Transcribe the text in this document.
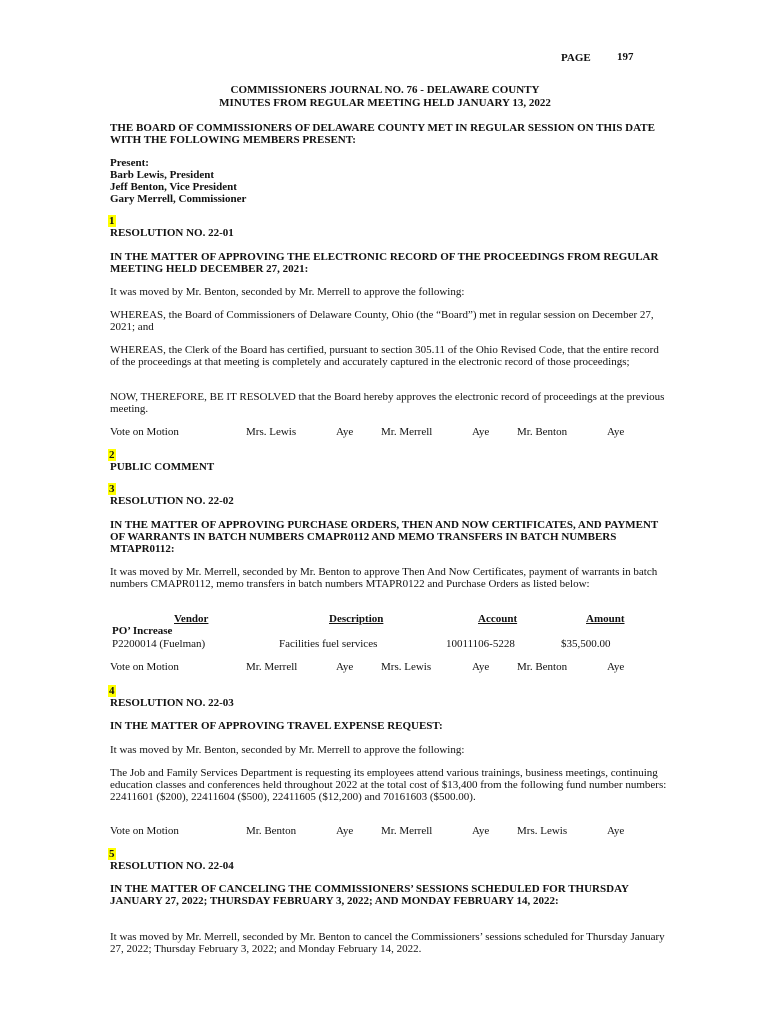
PAGE 197
COMMISSIONERS JOURNAL NO. 76 - DELAWARE COUNTY
MINUTES FROM REGULAR MEETING HELD JANUARY 13, 2022
THE BOARD OF COMMISSIONERS OF DELAWARE COUNTY MET IN REGULAR SESSION ON THIS DATE WITH THE FOLLOWING MEMBERS PRESENT:
Present:
Barb Lewis, President
Jeff Benton, Vice President
Gary Merrell, Commissioner
1
RESOLUTION NO. 22-01
IN THE MATTER OF APPROVING THE ELECTRONIC RECORD OF THE PROCEEDINGS FROM REGULAR MEETING HELD DECEMBER 27, 2021:
It was moved by Mr. Benton, seconded by Mr. Merrell to approve the following:
WHEREAS, the Board of Commissioners of Delaware County, Ohio (the “Board”) met in regular session on December 27, 2021; and
WHEREAS, the Clerk of the Board has certified, pursuant to section 305.11 of the Ohio Revised Code, that the entire record of the proceedings at that meeting is completely and accurately captured in the electronic record of those proceedings;
NOW, THEREFORE, BE IT RESOLVED that the Board hereby approves the electronic record of proceedings at the previous meeting.
Vote on Motion	Mrs. Lewis	Aye	Mr. Merrell	Aye	Mr. Benton	Aye
2
PUBLIC COMMENT
3
RESOLUTION NO. 22-02
IN THE MATTER OF APPROVING PURCHASE ORDERS, THEN AND NOW CERTIFICATES, AND PAYMENT OF WARRANTS IN BATCH NUMBERS CMAPR0112 AND MEMO TRANSFERS IN BATCH NUMBERS MTAPR0112:
It was moved by Mr. Merrell, seconded by Mr. Benton to approve Then And Now Certificates, payment of warrants in batch numbers CMAPR0112, memo transfers in batch numbers MTAPR0122 and Purchase Orders as listed below:
Vendor	Description	Account	Amount
PO’ Increase
P2200014 (Fuelman)	Facilities fuel services	10011106-5228	$35,500.00
Vote on Motion	Mr. Merrell	Aye	Mrs. Lewis	Aye	Mr. Benton	Aye
4
RESOLUTION NO. 22-03
IN THE MATTER OF APPROVING TRAVEL EXPENSE REQUEST:
It was moved by Mr. Benton, seconded by Mr. Merrell to approve the following:
The Job and Family Services Department is requesting its employees attend various trainings, business meetings, continuing education classes and conferences held throughout 2022 at the total cost of $13,400 from the following fund number numbers: 22411601 ($200), 22411604 ($500), 22411605 ($12,200) and 70161603 ($500.00).
Vote on Motion	Mr. Benton	Aye	Mr. Merrell	Aye	Mrs. Lewis	Aye
5
RESOLUTION NO. 22-04
IN THE MATTER OF CANCELING THE COMMISSIONERS’ SESSIONS SCHEDULED FOR THURSDAY JANUARY 27, 2022; THURSDAY FEBRUARY 3, 2022; AND MONDAY FEBRUARY 14, 2022:
It was moved by Mr. Merrell, seconded by Mr. Benton to cancel the Commissioners’ sessions scheduled for Thursday January 27, 2022; Thursday February 3, 2022; and Monday February 14, 2022.
